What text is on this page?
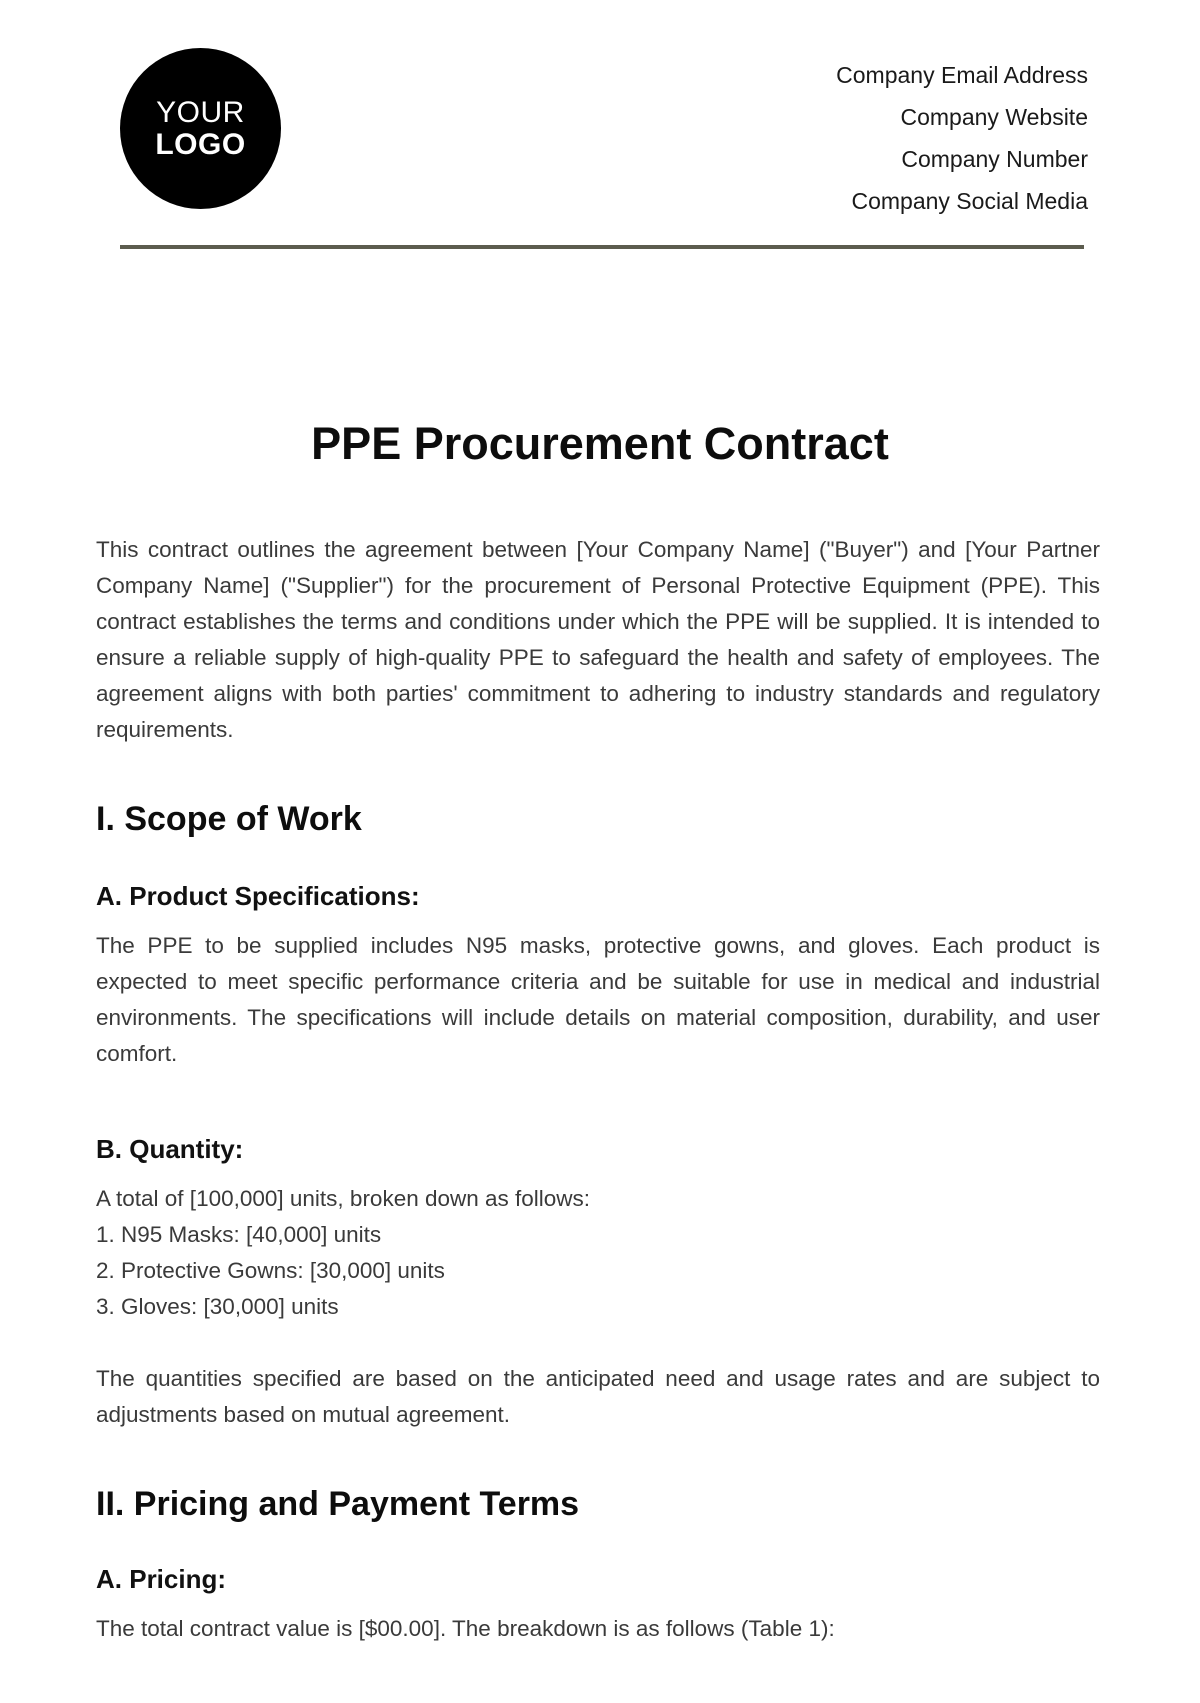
YOUR
LOGO
Company Email Address
Company Website
Company Number
Company Social Media
PPE Procurement Contract

This contract outlines the agreement between [Your Company Name] ("Buyer") and [Your Partner Company Name] ("Supplier") for the procurement of Personal Protective Equipment (PPE). This contract establishes the terms and conditions under which the PPE will be supplied. It is intended to ensure a reliable supply of high-quality PPE to safeguard the health and safety of employees. The agreement aligns with both parties' commitment to adhering to industry standards and regulatory requirements.

I. Scope of Work
A. Product Specifications:

The PPE to be supplied includes N95 masks, protective gowns, and gloves. Each product is expected to meet specific performance criteria and be suitable for use in medical and industrial environments. The specifications will include details on material composition, durability, and user comfort.

B. Quantity:
A total of [100,000] units, broken down as follows:
1. N95 Masks: [40,000] units
2. Protective Gowns: [30,000] units
3. Gloves: [30,000] units

The quantities specified are based on the anticipated need and usage rates and are subject to adjustments based on mutual agreement.

II. Pricing and Payment Terms
A. Pricing:

The total contract value is [$00.00]. The breakdown is as follows (Table 1):
